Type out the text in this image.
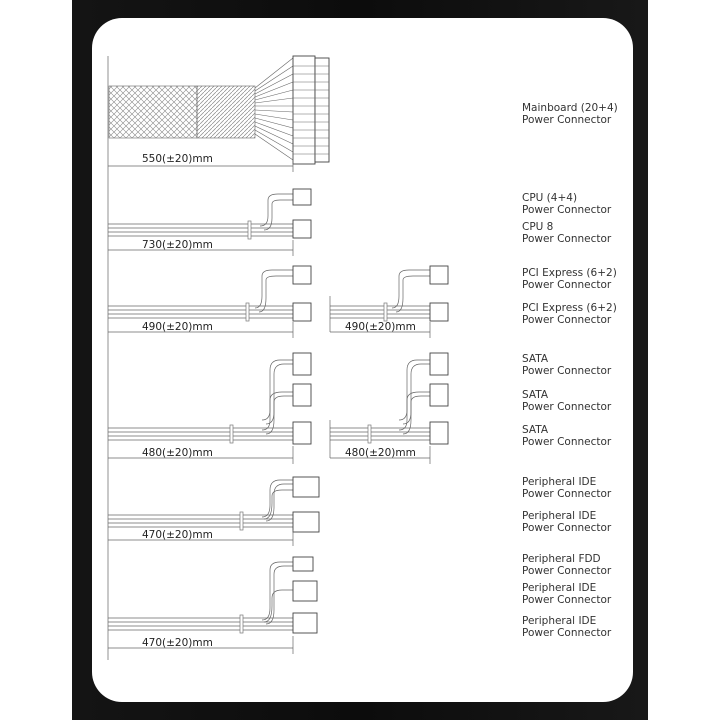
550(±20)mm
730(±20)mm
490(±20)mm	490(±20)mm
480(±20)mm	480(±20)mm
470(±20)mm
470(±20)mm
Mainboard (20+4)
Power Connector
CPU (4+4)
Power Connector
CPU 8
Power Connector
PCI Express (6+2)
Power Connector
PCI Express (6+2)
Power Connector
SATA
Power Connector
SATA
Power Connector
SATA
Power Connector
Peripheral IDE
Power Connector
Peripheral IDE
Power Connector
Peripheral FDD
Power Connector
Peripheral IDE
Power Connector
Peripheral IDE
Power Connector
